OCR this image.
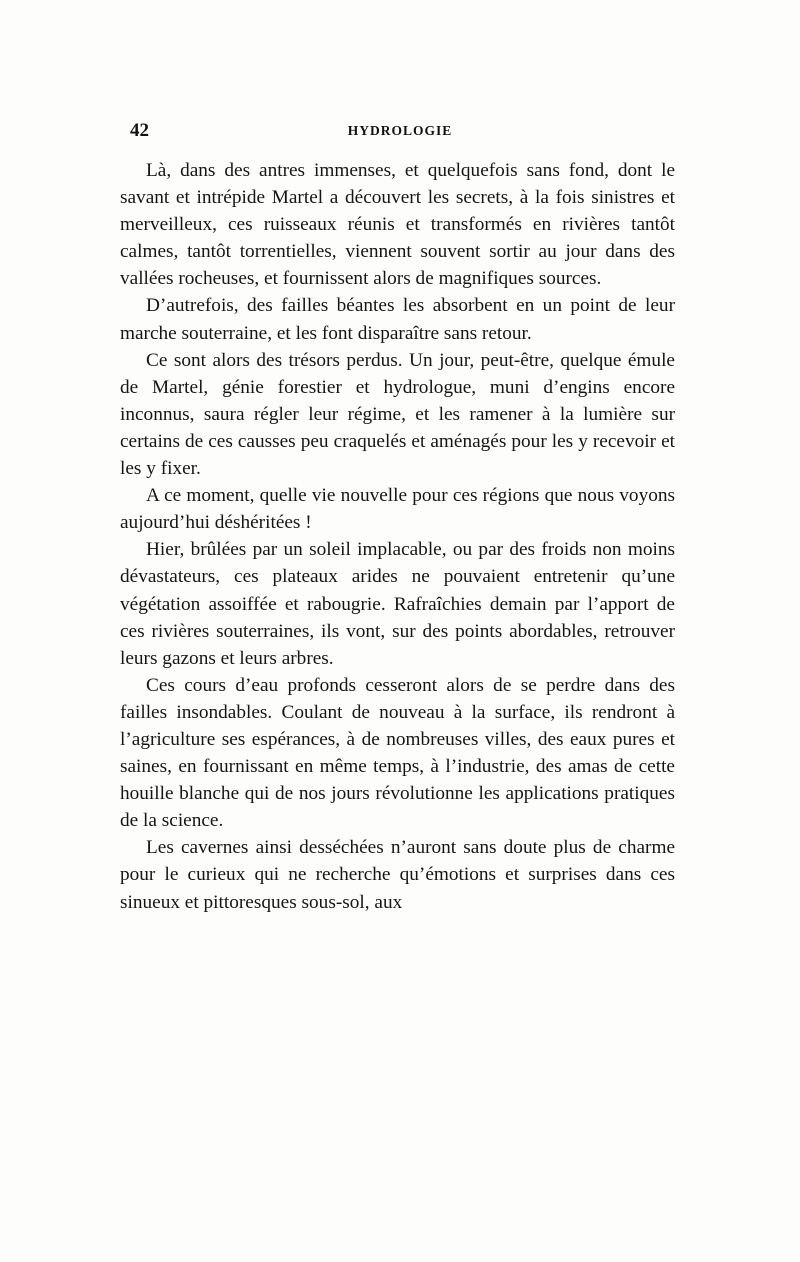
42	HYDROLOGIE

Là, dans des antres immenses, et quelquefois sans fond, dont le savant et intrépide Martel a découvert les secrets, à la fois sinistres et merveilleux, ces ruisseaux réunis et transformés en rivières tantôt calmes, tantôt torrentielles, viennent souvent sortir au jour dans des vallées rocheuses, et fournissent alors de magnifiques sources.

D’autrefois, des failles béantes les absorbent en un point de leur marche souterraine, et les font disparaître sans retour.

Ce sont alors des trésors perdus. Un jour, peut-être, quelque émule de Martel, génie forestier et hydrologue, muni d’engins encore inconnus, saura régler leur régime, et les ramener à la lumière sur certains de ces causses peu craquelés et aménagés pour les y recevoir et les y fixer.

A ce moment, quelle vie nouvelle pour ces régions que nous voyons aujourd’hui déshéritées !

Hier, brûlées par un soleil implacable, ou par des froids non moins dévastateurs, ces plateaux arides ne pouvaient entretenir qu’une végétation assoiffée et rabougrie. Rafraîchies demain par l’apport de ces rivières souterraines, ils vont, sur des points abordables, retrouver leurs gazons et leurs arbres.

Ces cours d’eau profonds cesseront alors de se perdre dans des failles insondables. Coulant de nouveau à la surface, ils rendront à l’agriculture ses espérances, à de nombreuses villes, des eaux pures et saines, en fournissant en même temps, à l’industrie, des amas de cette houille blanche qui de nos jours révolutionne les applications pratiques de la science.

Les cavernes ainsi desséchées n’auront sans doute plus de charme pour le curieux qui ne recherche qu’émotions et surprises dans ces sinueux et pittoresques sous-sol, aux
